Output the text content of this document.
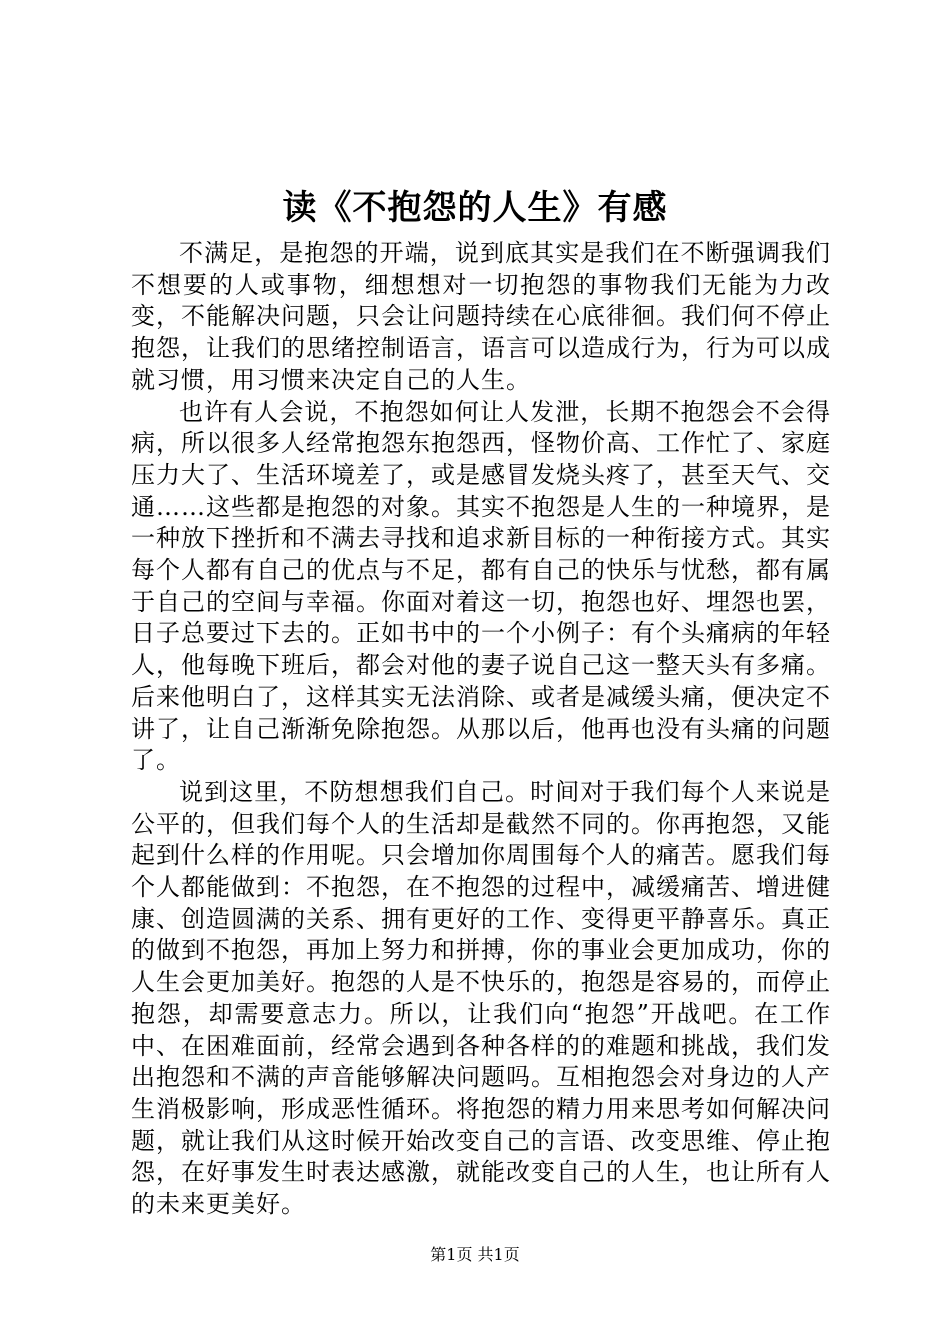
读《不抱怨的人生》有感

不满足，是抱怨的开端，说到底其实是我们在不断强调我们不想要的人或事物，细想想对一切抱怨的事物我们无能为力改变，不能解决问题，只会让问题持续在心底徘徊。我们何不停止抱怨，让我们的思绪控制语言，语言可以造成行为，行为可以成就习惯，用习惯来决定自己的人生。

也许有人会说，不抱怨如何让人发泄，长期不抱怨会不会得病，所以很多人经常抱怨东抱怨西，怪物价高、工作忙了、家庭压力大了、生活环境差了，或是感冒发烧头疼了，甚至天气、交通……这些都是抱怨的对象。其实不抱怨是人生的一种境界，是一种放下挫折和不满去寻找和追求新目标的一种衔接方式。其实每个人都有自己的优点与不足，都有自己的快乐与忧愁，都有属于自己的空间与幸福。你面对着这一切，抱怨也好、埋怨也罢，日子总要过下去的。正如书中的一个小例子：有个头痛病的年轻人，他每晚下班后，都会对他的妻子说自己这一整天头有多痛。后来他明白了，这样其实无法消除、或者是减缓头痛，便决定不讲了，让自己渐渐免除抱怨。从那以后，他再也没有头痛的问题了。

说到这里，不防想想我们自己。时间对于我们每个人来说是公平的，但我们每个人的生活却是截然不同的。你再抱怨，又能起到什么样的作用呢。只会增加你周围每个人的痛苦。愿我们每个人都能做到：不抱怨，在不抱怨的过程中，减缓痛苦、增进健康、创造圆满的关系、拥有更好的工作、变得更平静喜乐。真正的做到不抱怨，再加上努力和拼搏，你的事业会更加成功，你的人生会更加美好。抱怨的人是不快乐的，抱怨是容易的，而停止抱怨，却需要意志力。所以，让我们向“抱怨”开战吧。在工作中、在困难面前，经常会遇到各种各样的的难题和挑战，我们发出抱怨和不满的声音能够解决问题吗。互相抱怨会对身边的人产生消极影响，形成恶性循环。将抱怨的精力用来思考如何解决问题，就让我们从这时候开始改变自己的言语、改变思维、停止抱怨，在好事发生时表达感激，就能改变自己的人生，也让所有人的未来更美好。

第1页 共1页
